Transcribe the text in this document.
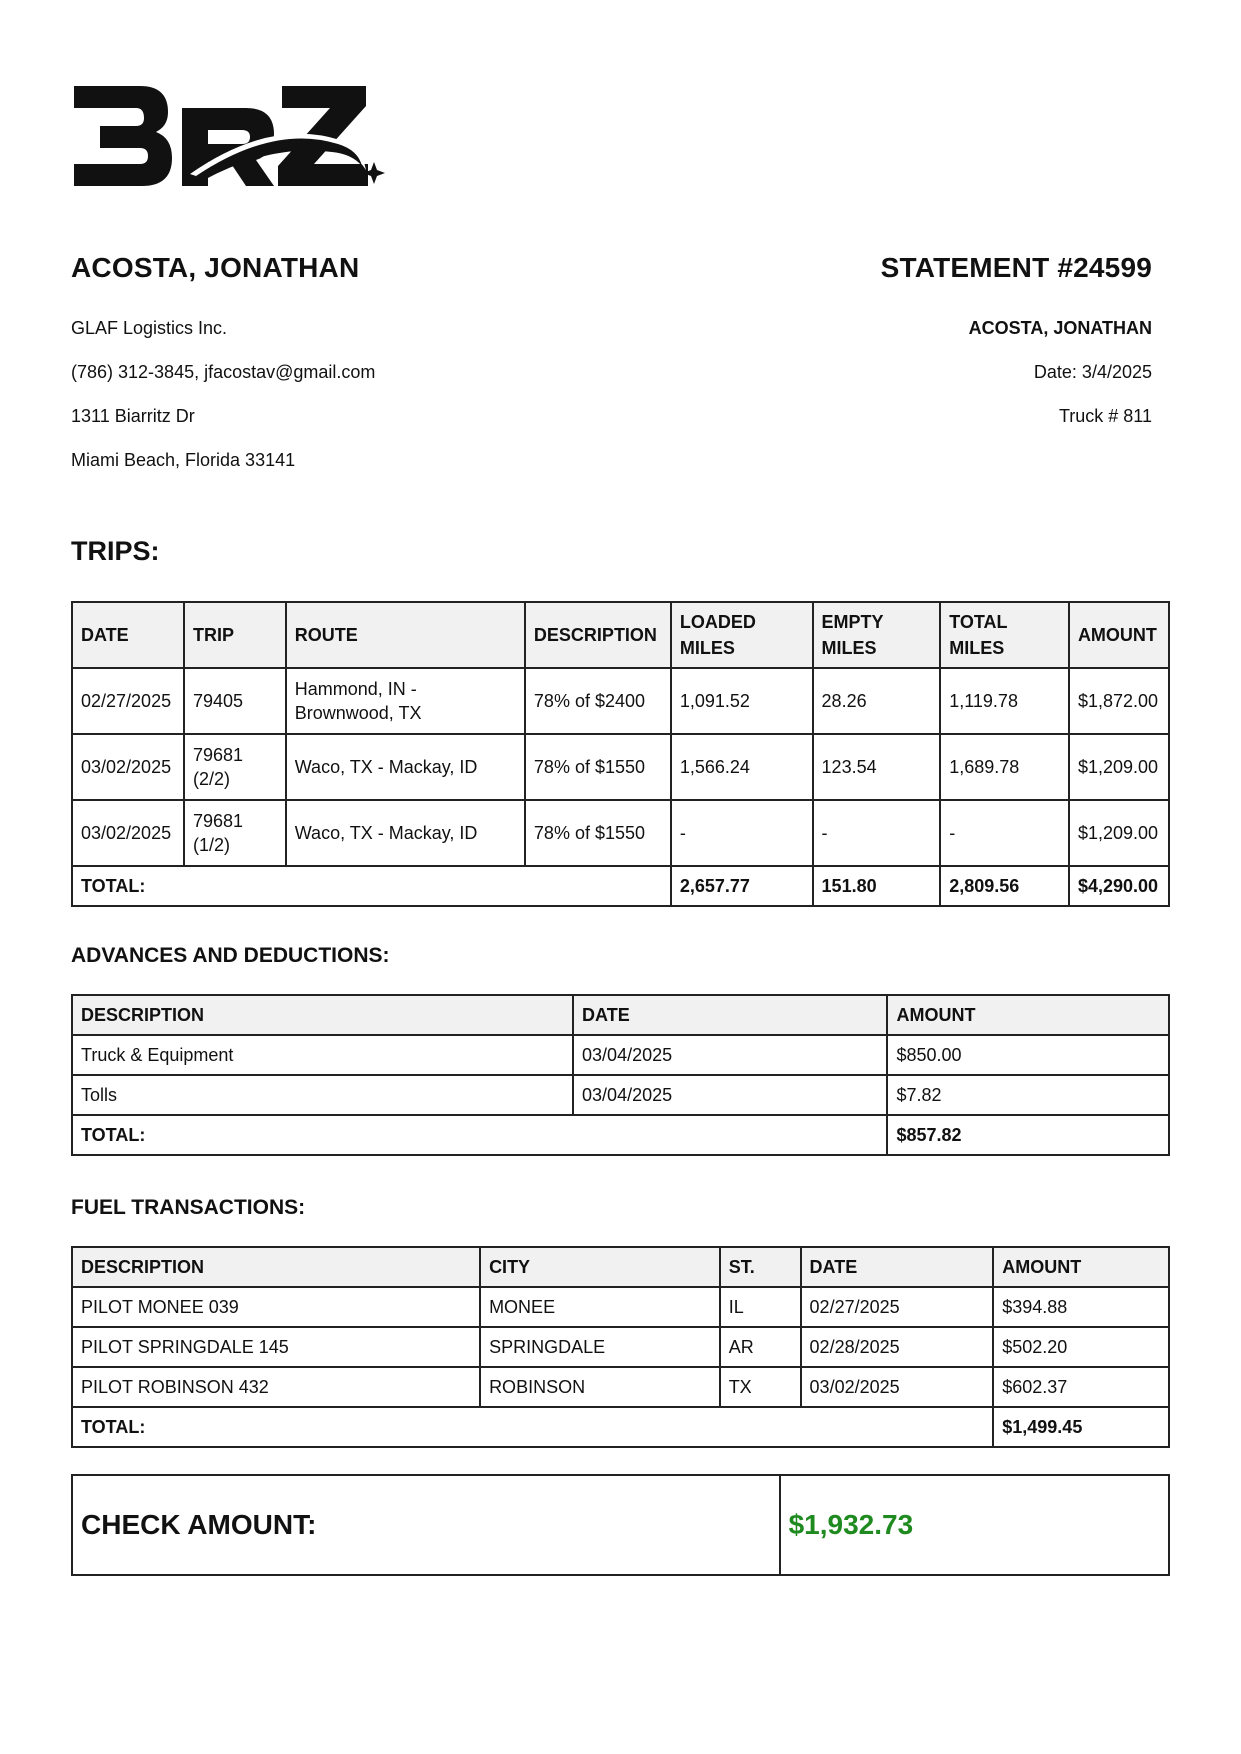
ACOSTA, JONATHAN
GLAF Logistics Inc.
(786) 312-3845, jfacostav@gmail.com
1311 Biarritz Dr
Miami Beach, Florida 33141
STATEMENT #24599
ACOSTA, JONATHAN
Date: 3/4/2025
Truck # 811
TRIPS:
DATE	TRIP	ROUTE	DESCRIPTION	LOADED MILES	EMPTY MILES	TOTAL MILES	AMOUNT
02/27/2025	79405	Hammond, IN - Brownwood, TX	78% of $2400	1,091.52	28.26	1,119.78	$1,872.00
03/02/2025	79681 (2/2)	Waco, TX - Mackay, ID	78% of $1550	1,566.24	123.54	1,689.78	$1,209.00
03/02/2025	79681 (1/2)	Waco, TX - Mackay, ID	78% of $1550	-	-	-	$1,209.00
TOTAL:				2,657.77	151.80	2,809.56	$4,290.00
ADVANCES AND DEDUCTIONS:
DESCRIPTION	DATE	AMOUNT
Truck & Equipment	03/04/2025	$850.00
Tolls	03/04/2025	$7.82
TOTAL:		$857.82
FUEL TRANSACTIONS:
DESCRIPTION	CITY	ST.	DATE	AMOUNT
PILOT MONEE 039	MONEE	IL	02/27/2025	$394.88
PILOT SPRINGDALE 145	SPRINGDALE	AR	02/28/2025	$502.20
PILOT ROBINSON 432	ROBINSON	TX	03/02/2025	$602.37
TOTAL:				$1,499.45
CHECK AMOUNT:	$1,932.73
